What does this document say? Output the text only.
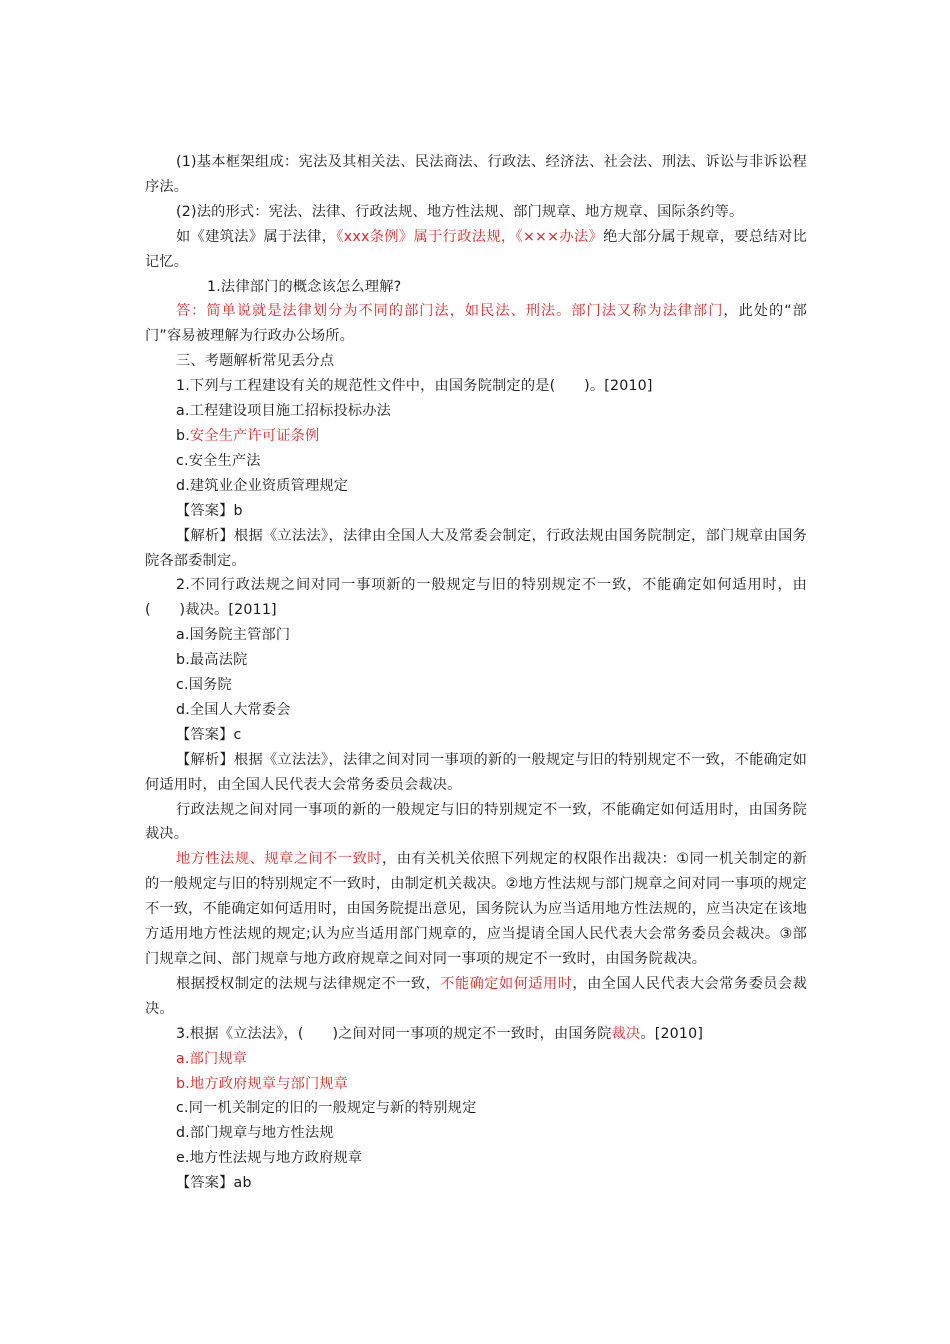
(1)基本框架组成：宪法及其相关法、民法商法、行政法、经济法、社会法、刑法、诉讼与非诉讼程序法。

(2)法的形式：宪法、法律、行政法规、地方性法规、部门规章、地方规章、国际条约等。

如《建筑法》属于法律，《xxx条例》属于行政法规，《×××办法》绝大部分属于规章，要总结对比记忆。

1.法律部门的概念该怎么理解?

答：简单说就是法律划分为不同的部门法，如民法、刑法。部门法又称为法律部门，此处的“部门”容易被理解为行政办公场所。

三、考题解析常见丢分点

1.下列与工程建设有关的规范性文件中，由国务院制定的是(　　)。[2010]

a.工程建设项目施工招标投标办法

b.安全生产许可证条例

c.安全生产法

d.建筑业企业资质管理规定

【答案】b

【解析】根据《立法法》，法律由全国人大及常委会制定，行政法规由国务院制定，部门规章由国务院各部委制定。

2.不同行政法规之间对同一事项新的一般规定与旧的特别规定不一致，不能确定如何适用时，由(　　)裁决。[2011]

a.国务院主管部门

b.最高法院

c.国务院

d.全国人大常委会

【答案】c

【解析】根据《立法法》，法律之间对同一事项的新的一般规定与旧的特别规定不一致，不能确定如何适用时，由全国人民代表大会常务委员会裁决。

行政法规之间对同一事项的新的一般规定与旧的特别规定不一致，不能确定如何适用时，由国务院裁决。

地方性法规、规章之间不一致时，由有关机关依照下列规定的权限作出裁决：①同一机关制定的新的一般规定与旧的特别规定不一致时，由制定机关裁决。②地方性法规与部门规章之间对同一事项的规定不一致，不能确定如何适用时，由国务院提出意见，国务院认为应当适用地方性法规的，应当决定在该地方适用地方性法规的规定;认为应当适用部门规章的，应当提请全国人民代表大会常务委员会裁决。③部门规章之间、部门规章与地方政府规章之间对同一事项的规定不一致时，由国务院裁决。

根据授权制定的法规与法律规定不一致，不能确定如何适用时，由全国人民代表大会常务委员会裁决。

3.根据《立法法》，(　　)之间对同一事项的规定不一致时，由国务院裁决。[2010]

a.部门规章

b.地方政府规章与部门规章

c.同一机关制定的旧的一般规定与新的特别规定

d.部门规章与地方性法规

e.地方性法规与地方政府规章

【答案】ab
